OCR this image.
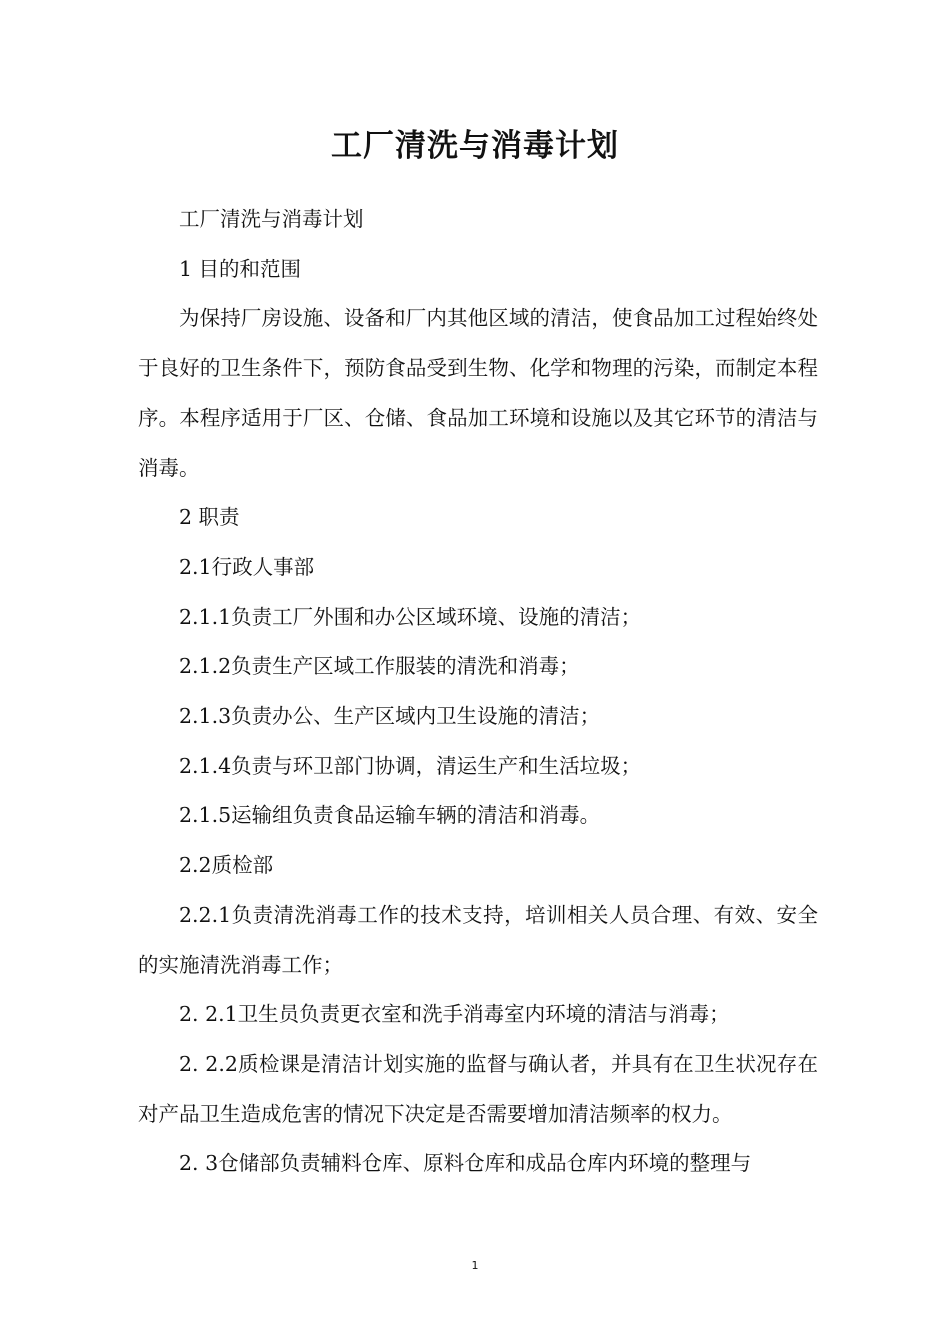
工厂清洗与消毒计划

工厂清洗与消毒计划

1 目的和范围

为保持厂房设施、设备和厂内其他区域的清洁，使食品加工过程始终处于良好的卫生条件下，预防食品受到生物、化学和物理的污染，而制定本程序。本程序适用于厂区、仓储、食品加工环境和设施以及其它环节的清洁与消毒。

2 职责

2.1行政人事部

2.1.1负责工厂外围和办公区域环境、设施的清洁；

2.1.2负责生产区域工作服装的清洗和消毒；

2.1.3负责办公、生产区域内卫生设施的清洁；

2.1.4负责与环卫部门协调，清运生产和生活垃圾；

2.1.5运输组负责食品运输车辆的清洁和消毒。

2.2质检部

2.2.1负责清洗消毒工作的技术支持，培训相关人员合理、有效、安全的实施清洗消毒工作；

2. 2.1卫生员负责更衣室和洗手消毒室内环境的清洁与消毒；

2. 2.2质检课是清洁计划实施的监督与确认者，并具有在卫生状况存在对产品卫生造成危害的情况下决定是否需要增加清洁频率的权力。

2. 3仓储部负责辅料仓库、原料仓库和成品仓库内环境的整理与

1
